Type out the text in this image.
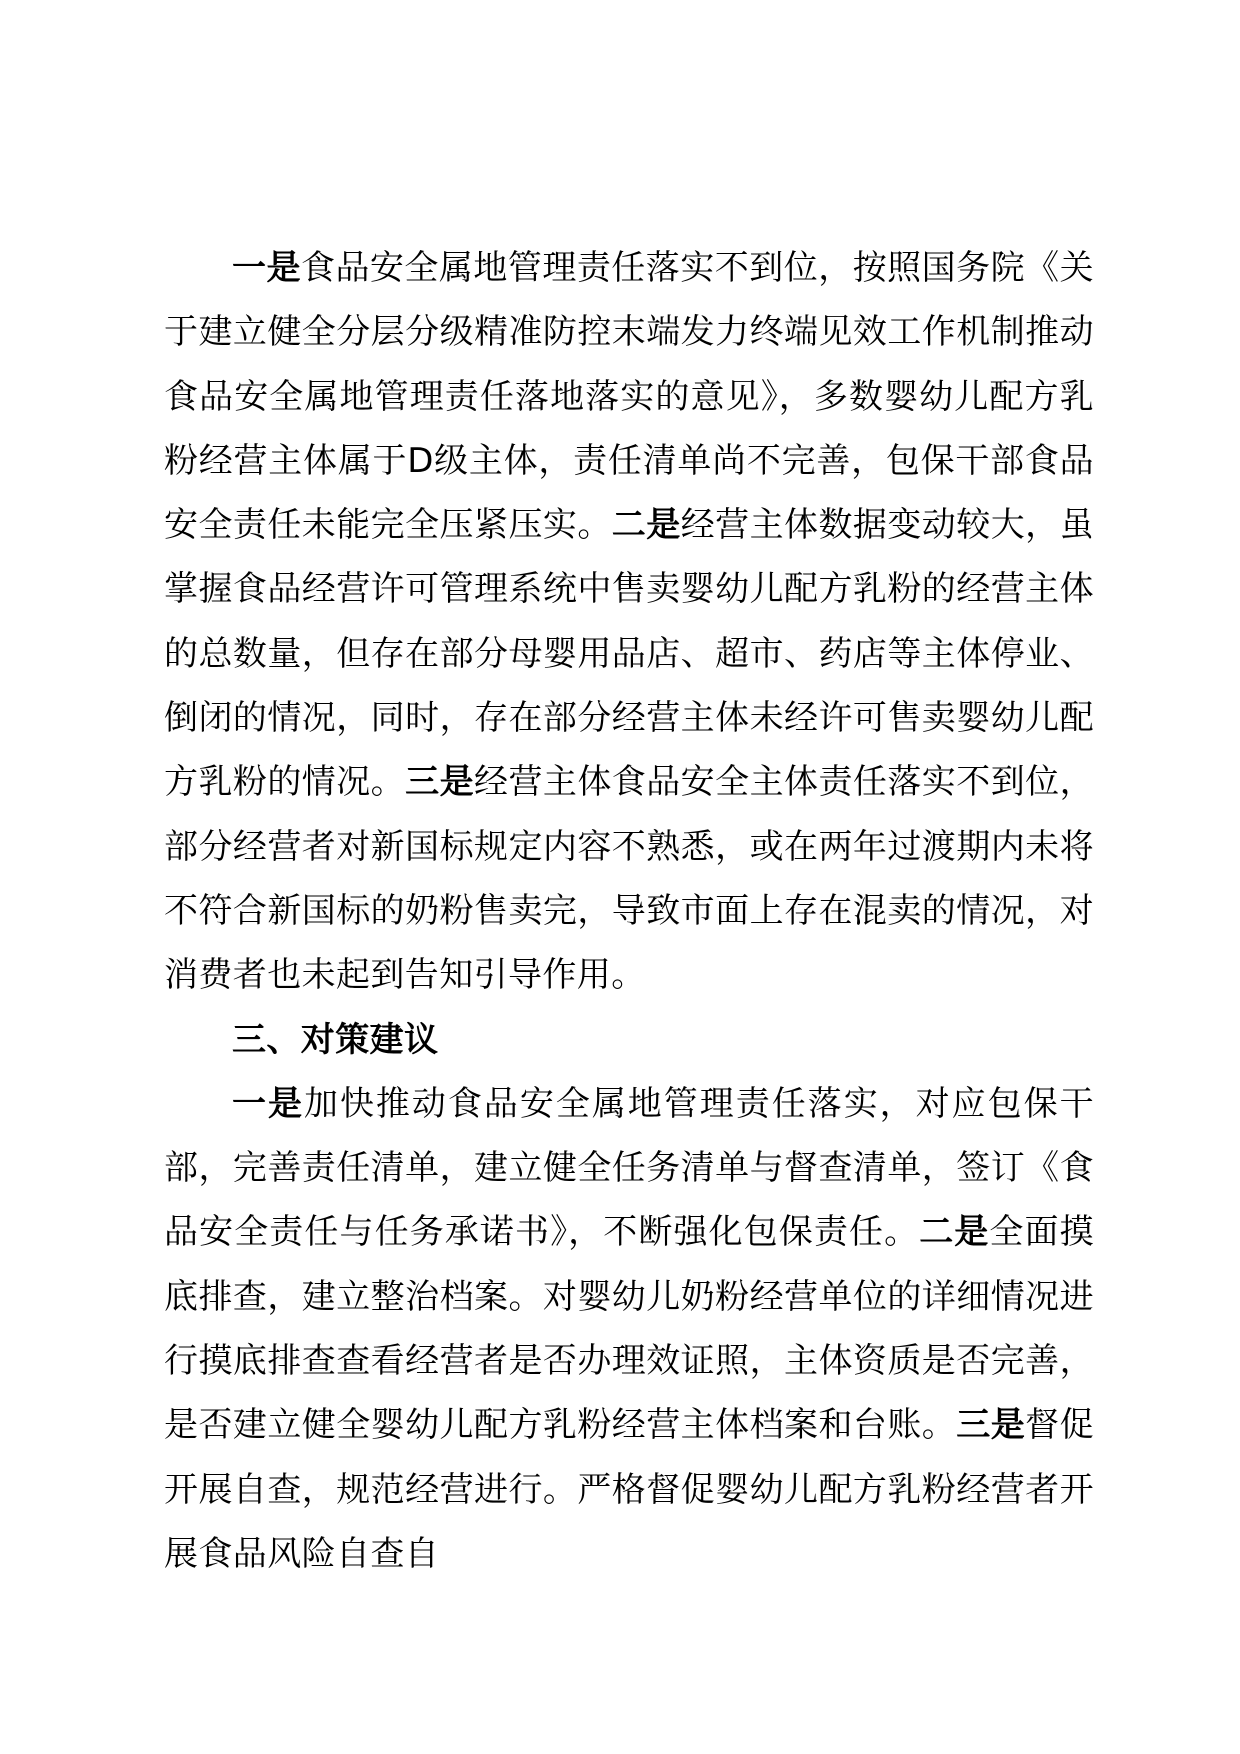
一是食品安全属地管理责任落实不到位，按照国务院《关于建立健全分层分级精准防控末端发力终端见效工作机制推动食品安全属地管理责任落地落实的意见》，多数婴幼儿配方乳粉经营主体属于D级主体，责任清单尚不完善，包保干部食品安全责任未能完全压紧压实。二是经营主体数据变动较大，虽掌握食品经营许可管理系统中售卖婴幼儿配方乳粉的经营主体的总数量，但存在部分母婴用品店、超市、药店等主体停业、倒闭的情况，同时，存在部分经营主体未经许可售卖婴幼儿配方乳粉的情况。三是经营主体食品安全主体责任落实不到位，部分经营者对新国标规定内容不熟悉，或在两年过渡期内未将不符合新国标的奶粉售卖完，导致市面上存在混卖的情况，对消费者也未起到告知引导作用。

三、对策建议

一是加快推动食品安全属地管理责任落实，对应包保干部，完善责任清单，建立健全任务清单与督查清单，签订《食品安全责任与任务承诺书》，不断强化包保责任。二是全面摸底排查，建立整治档案。对婴幼儿奶粉经营单位的详细情况进行摸底排查查看经营者是否办理效证照，主体资质是否完善，是否建立健全婴幼儿配方乳粉经营主体档案和台账。三是督促开展自查，规范经营进行。严格督促婴幼儿配方乳粉经营者开展食品风险自查自
